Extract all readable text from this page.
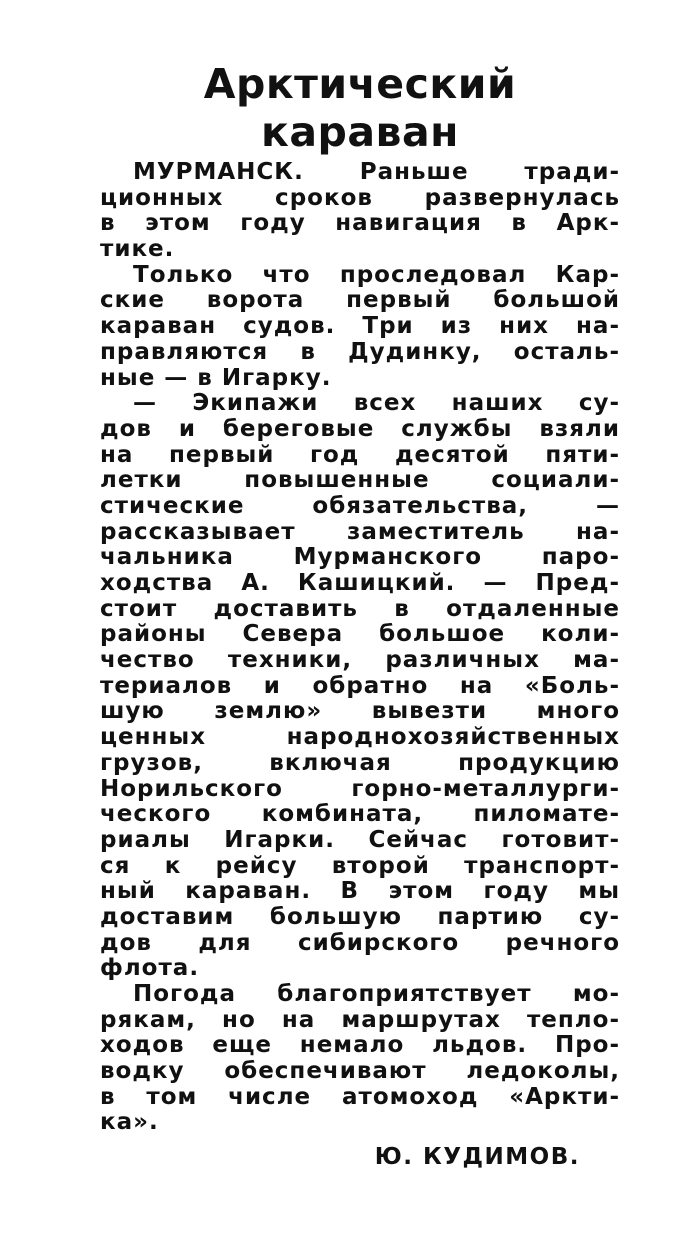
Арктический
караван
МУРМАНСК. Раньше тради-
ционных сроков развернулась
в этом году навигация в Арк-
тике.
Только что проследовал Кар-
ские ворота первый большой
караван судов. Три из них на-
правляются в Дудинку, осталь-
ные — в Игарку.
— Экипажи всех наших су-
дов и береговые службы взяли
на первый год десятой пяти-
летки повышенные социали-
стические обязательства, —
рассказывает заместитель на-
чальника Мурманского паро-
ходства А. Кашицкий. — Пред-
стоит доставить в отдаленные
районы Севера большое коли-
чество техники, различных ма-
териалов и обратно на «Боль-
шую землю» вывезти много
ценных народнохозяйственных
грузов, включая продукцию
Норильского горно-металлурги-
ческого комбината, пиломате-
риалы Игарки. Сейчас готовит-
ся к рейсу второй транспорт-
ный караван. В этом году мы
доставим большую партию су-
дов для сибирского речного
флота.
Погода благоприятствует мо-
рякам, но на маршрутах тепло-
ходов еще немало льдов. Про-
водку обеспечивают ледоколы,
в том числе атомоход «Аркти-
ка».
Ю. КУДИМОВ.
